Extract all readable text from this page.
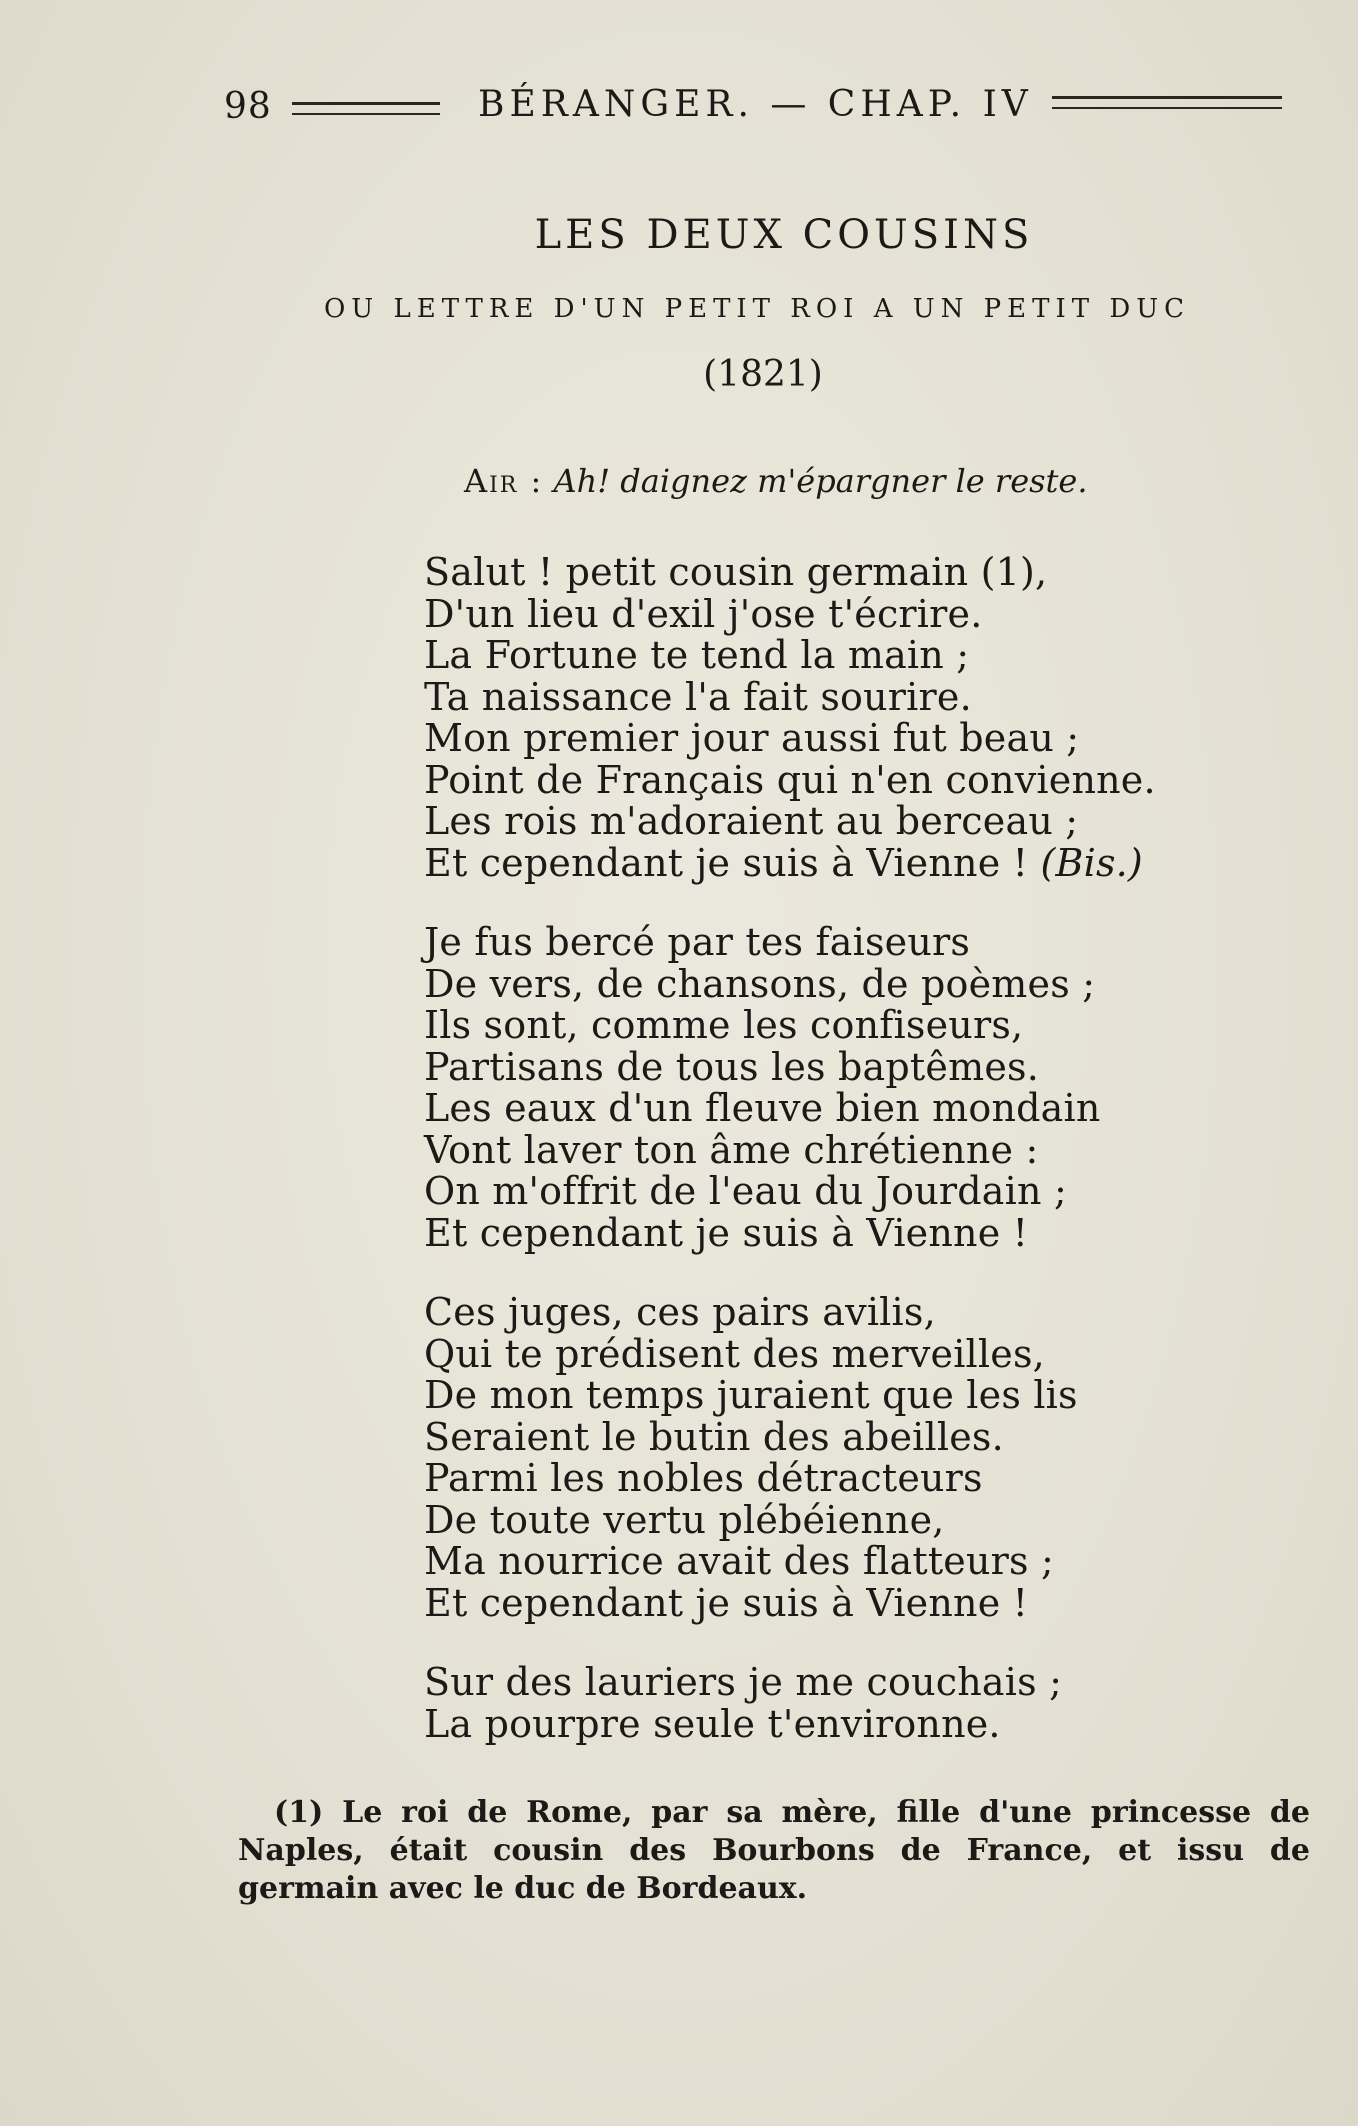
98	BÉRANGER. — CHAP. IV
LES DEUX COUSINS
OU LETTRE D'UN PETIT ROI A UN PETIT DUC
(1821)
Air : Ah! daignez m'épargner le reste.
Salut ! petit cousin germain (1),
D'un lieu d'exil j'ose t'écrire.
La Fortune te tend la main ;
Ta naissance l'a fait sourire.
Mon premier jour aussi fut beau ;
Point de Français qui n'en convienne.
Les rois m'adoraient au berceau ;
Et cependant je suis à Vienne ! (Bis.)
Je fus bercé par tes faiseurs
De vers, de chansons, de poèmes ;
Ils sont, comme les confiseurs,
Partisans de tous les baptêmes.
Les eaux d'un fleuve bien mondain
Vont laver ton âme chrétienne :
On m'offrit de l'eau du Jourdain ;
Et cependant je suis à Vienne !
Ces juges, ces pairs avilis,
Qui te prédisent des merveilles,
De mon temps juraient que les lis
Seraient le butin des abeilles.
Parmi les nobles détracteurs
De toute vertu plébéienne,
Ma nourrice avait des flatteurs ;
Et cependant je suis à Vienne !
Sur des lauriers je me couchais ;
La pourpre seule t'environne.
(1) Le roi de Rome, par sa mère, fille d'une princesse de Naples, était cousin des Bourbons de France, et issu de germain avec le duc de Bordeaux.
